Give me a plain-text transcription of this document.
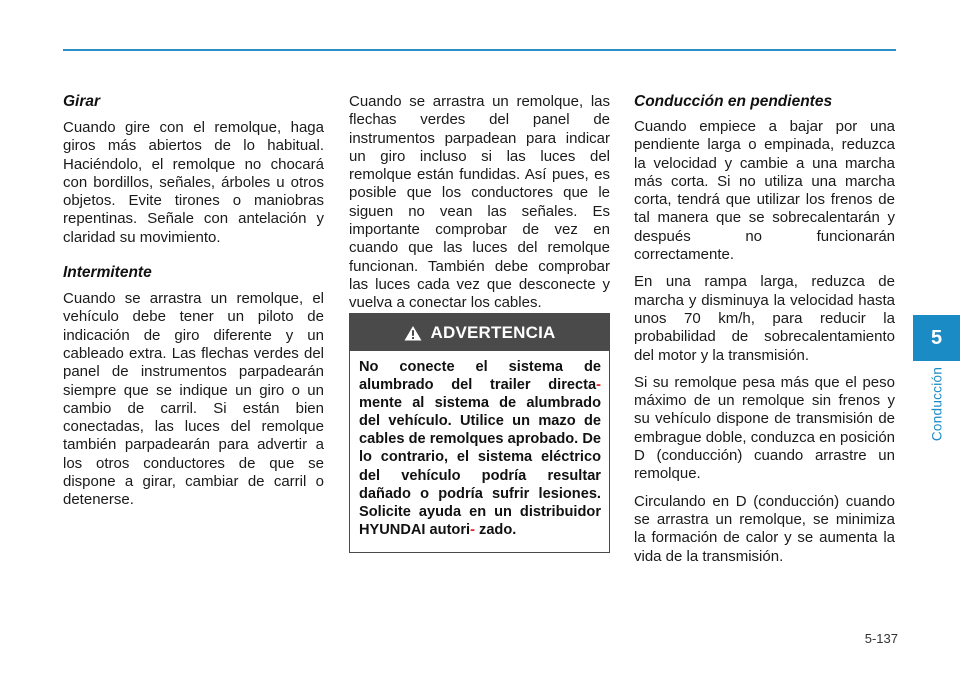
Girar

Cuando gire con el remolque, haga giros más abiertos de lo habitual. Haciéndolo, el remolque no chocará con bordillos, señales, árboles u otros objetos. Evite tirones o maniobras repentinas. Señale con antelación y claridad su movimiento.

Intermitente

Cuando se arrastra un remolque, el vehículo debe tener un piloto de indicación de giro diferente y un cableado extra. Las flechas verdes del panel de instrumentos parpadearán siempre que se indique un giro o un cambio de carril. Si están bien conectadas, las luces del remolque también parpadearán para advertir a los otros conductores de que se dispone a girar, cambiar de carril o detenerse.

Cuando se arrastra un remolque, las flechas verdes del panel de instrumentos parpadean para indicar un giro incluso si las luces del remolque están fundidas. Así pues, es posible que los conductores que le siguen no vean las señales. Es importante comprobar de vez en cuando que las luces del remolque funcionan. También debe comprobar las luces cada vez que desconecte y vuelva a conectar los cables.

ADVERTENCIA
No conecte el sistema de alumbrado del trailer directa- mente al sistema de alumbrado del vehículo. Utilice un mazo de cables de remolques aprobado. De lo contrario, el sistema eléctrico del vehículo podría resultar dañado o podría sufrir lesiones. Solicite ayuda en un distribuidor HYUNDAI autori- zado.
Conducción en pendientes

Cuando empiece a bajar por una pendiente larga o empinada, reduzca la velocidad y cambie a una marcha más corta. Si no utiliza una marcha corta, tendrá que utilizar los frenos de tal manera que se sobrecalentarán y después no funcionarán correctamente.

En una rampa larga, reduzca de marcha y disminuya la velocidad hasta unos 70 km/h, para reducir la probabilidad de sobrecalentamiento del motor y la transmisión.

Si su remolque pesa más que el peso máximo de un remolque sin frenos y su vehículo dispone de transmisión de embrague doble, conduzca en posición D (conducción) cuando arrastre un remolque.

Circulando en D (conducción) cuando se arrastra un remolque, se minimiza la formación de calor y se aumenta la vida de la transmisión.

5
Conducción
5-137
